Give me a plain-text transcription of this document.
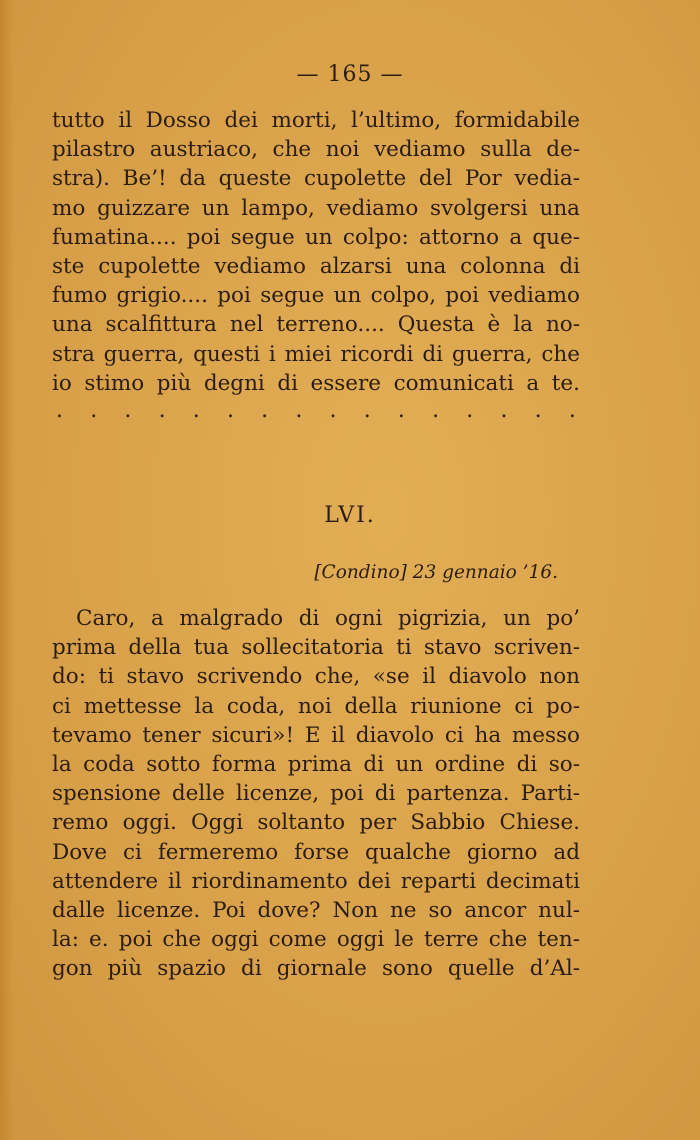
— 165 —
tutto il Dosso dei morti, l’ultimo, formidabile
pilastro austriaco, che noi vediamo sulla de-
stra). Be’! da queste cupolette del Por vedia-
mo guizzare un lampo, vediamo svolgersi una
fumatina.... poi segue un colpo: attorno a que-
ste cupolette vediamo alzarsi una colonna di
fumo grigio.... poi segue un colpo, poi vediamo
una scalfittura nel terreno.... Questa è la no-
stra guerra, questi i miei ricordi di guerra, che
io stimo più degni di essere comunicati a te.
. . . . . . . . . . . . . . . .
LVI.
[Condino] 23 gennaio ’16.
Caro, a malgrado di ogni pigrizia, un po’
prima della tua sollecitatoria ti stavo scriven-
do: ti stavo scrivendo che, «se il diavolo non
ci mettesse la coda, noi della riunione ci po-
tevamo tener sicuri»! E il diavolo ci ha messo
la coda sotto forma prima di un ordine di so-
spensione delle licenze, poi di partenza. Parti-
remo oggi. Oggi soltanto per Sabbio Chiese.
Dove ci fermeremo forse qualche giorno ad
attendere il riordinamento dei reparti decimati
dalle licenze. Poi dove? Non ne so ancor nul-
la: e. poi che oggi come oggi le terre che ten-
gon più spazio di giornale sono quelle d’Al-
